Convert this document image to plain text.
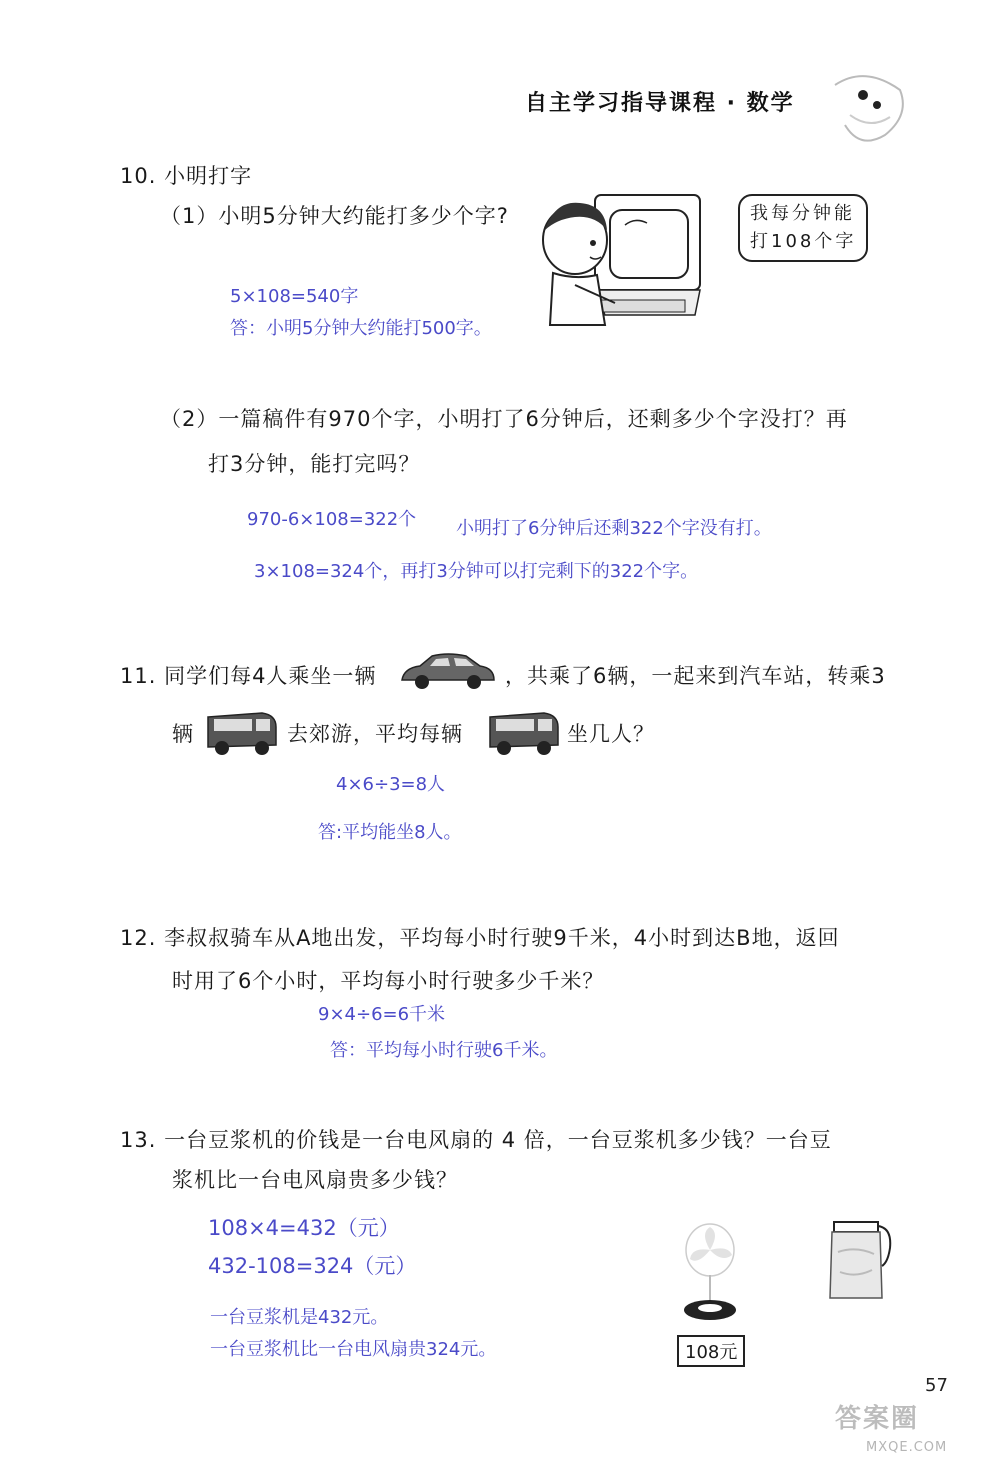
自主学习指导课程 · 数学
10. 小明打字
（1）小明5分钟大约能打多少个字?	我每分钟能
打108个字
5×108=540字
答：小明5分钟大约能打500字。
（2）一篇稿件有970个字，小明打了6分钟后，还剩多少个字没打？再
打3分钟，能打完吗？
970-6×108=322个 小明打了6分钟后还剩322个字没有打。
3×108=324个，再打3分钟可以打完剩下的322个字。
11. 同学们每4人乘坐一辆	，共乘了6辆，一起来到汽车站，转乘3
辆	去郊游，平均每辆	坐几人？
4×6÷3=8人
答:平均能坐8人。
12. 李叔叔骑车从A地出发，平均每小时行驶9千米，4小时到达B地，返回
时用了6个小时，平均每小时行驶多少千米？
9×4÷6=6千米
答：平均每小时行驶6千米。
13. 一台豆浆机的价钱是一台电风扇的 4 倍，一台豆浆机多少钱？一台豆
浆机比一台电风扇贵多少钱？
108×4=432（元）
432-108=324（元）
一台豆浆机是432元。
一台豆浆机比一台电风扇贵324元。	108元
57
答案圈
MXQE.COM
